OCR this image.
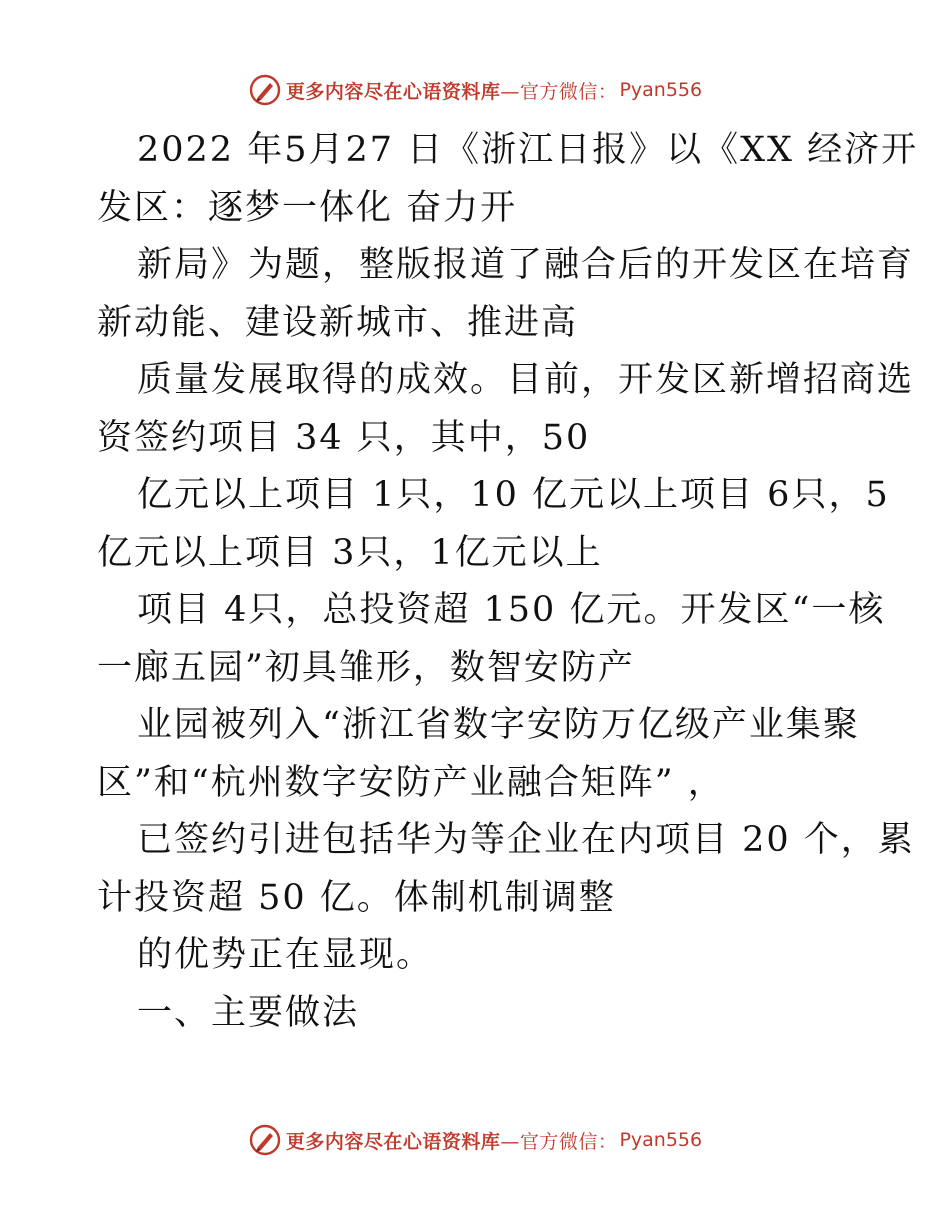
更多内容尽在心语资料库 —官方微信： Pyan556
2022 年5月27 日《浙江日报》以《XX 经济开
发区：逐梦一体化 奋力开
新局》为题，整版报道了融合后的开发区在培育
新动能、建设新城市、推进高
质量发展取得的成效。目前，开发区新增招商选
资签约项目 34 只，其中，50
亿元以上项目 1只，10 亿元以上项目 6只，5
亿元以上项目 3只，1亿元以上
项目 4只，总投资超 150 亿元。开发区“一核
一廊五园”初具雏形，数智安防产
业园被列入“浙江省数字安防万亿级产业集聚
区”和“杭州数字安防产业融合矩阵” ，
已签约引进包括华为等企业在内项目 20 个，累
计投资超 50 亿。体制机制调整
的优势正在显现。
一、主要做法
更多内容尽在心语资料库 —官方微信： Pyan556
